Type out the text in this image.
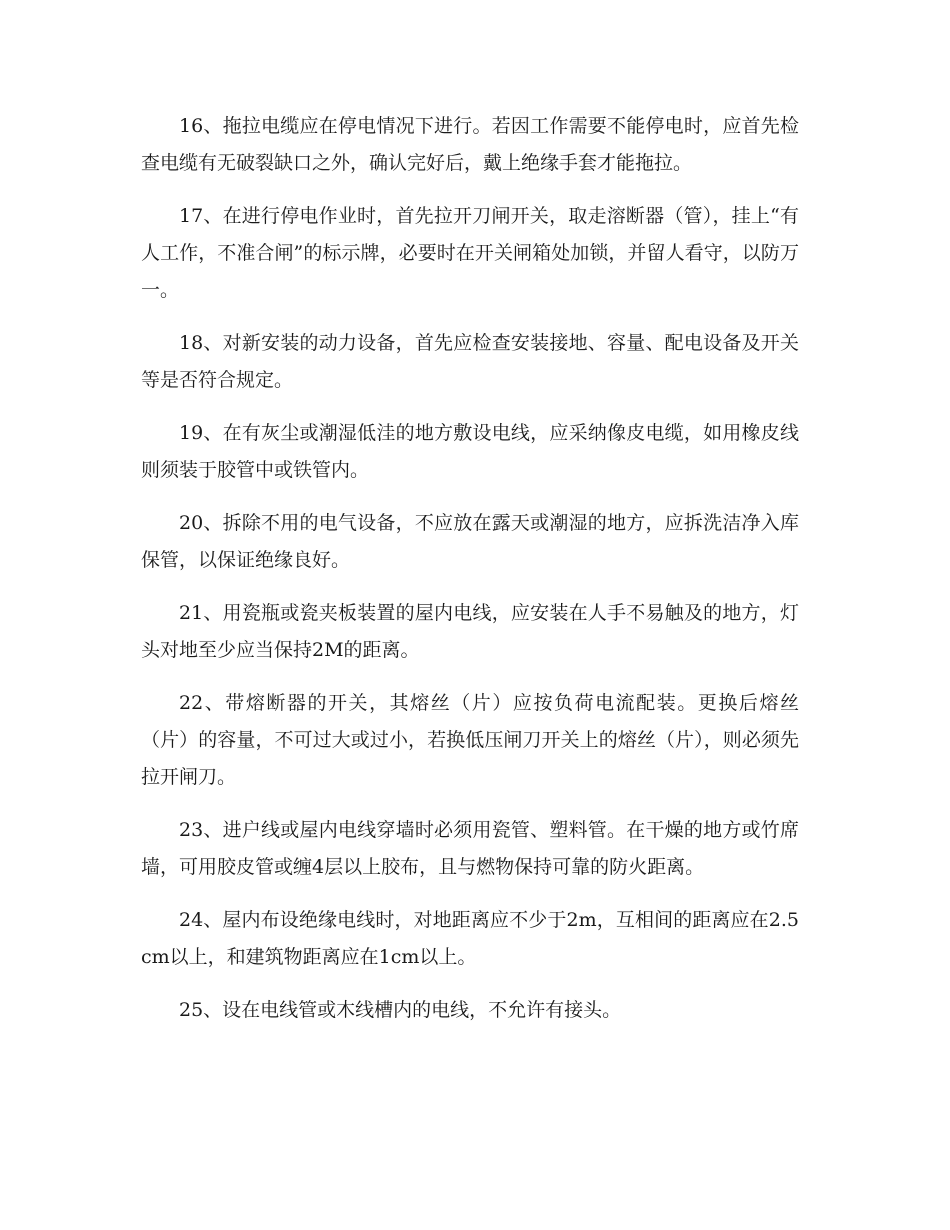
16、拖拉电缆应在停电情况下进行。若因工作需要不能停电时，应首先检查电缆有无破裂缺口之外，确认完好后，戴上绝缘手套才能拖拉。

17、在进行停电作业时，首先拉开刀闸开关，取走溶断器（管），挂上“有人工作，不准合闸”的标示牌，必要时在开关闸箱处加锁，并留人看守，以防万一。

18、对新安装的动力设备，首先应检查安装接地、容量、配电设备及开关等是否符合规定。

19、在有灰尘或潮湿低洼的地方敷设电线，应采纳像皮电缆，如用橡皮线则须装于胶管中或铁管内。

20、拆除不用的电气设备，不应放在露天或潮湿的地方，应拆洗洁净入库保管，以保证绝缘良好。

21、用瓷瓶或瓷夹板装置的屋内电线，应安装在人手不易触及的地方，灯头对地至少应当保持2M的距离。

22、带熔断器的开关，其熔丝（片）应按负荷电流配装。更换后熔丝（片）的容量，不可过大或过小，若换低压闸刀开关上的熔丝（片），则必须先拉开闸刀。

23、进户线或屋内电线穿墙时必须用瓷管、塑料管。在干燥的地方或竹席墙，可用胶皮管或缠4层以上胶布，且与燃物保持可靠的防火距离。

24、屋内布设绝缘电线时，对地距离应不少于2m，互相间的距离应在2.5cm以上，和建筑物距离应在1cm以上。

25、设在电线管或木线槽内的电线，不允许有接头。
